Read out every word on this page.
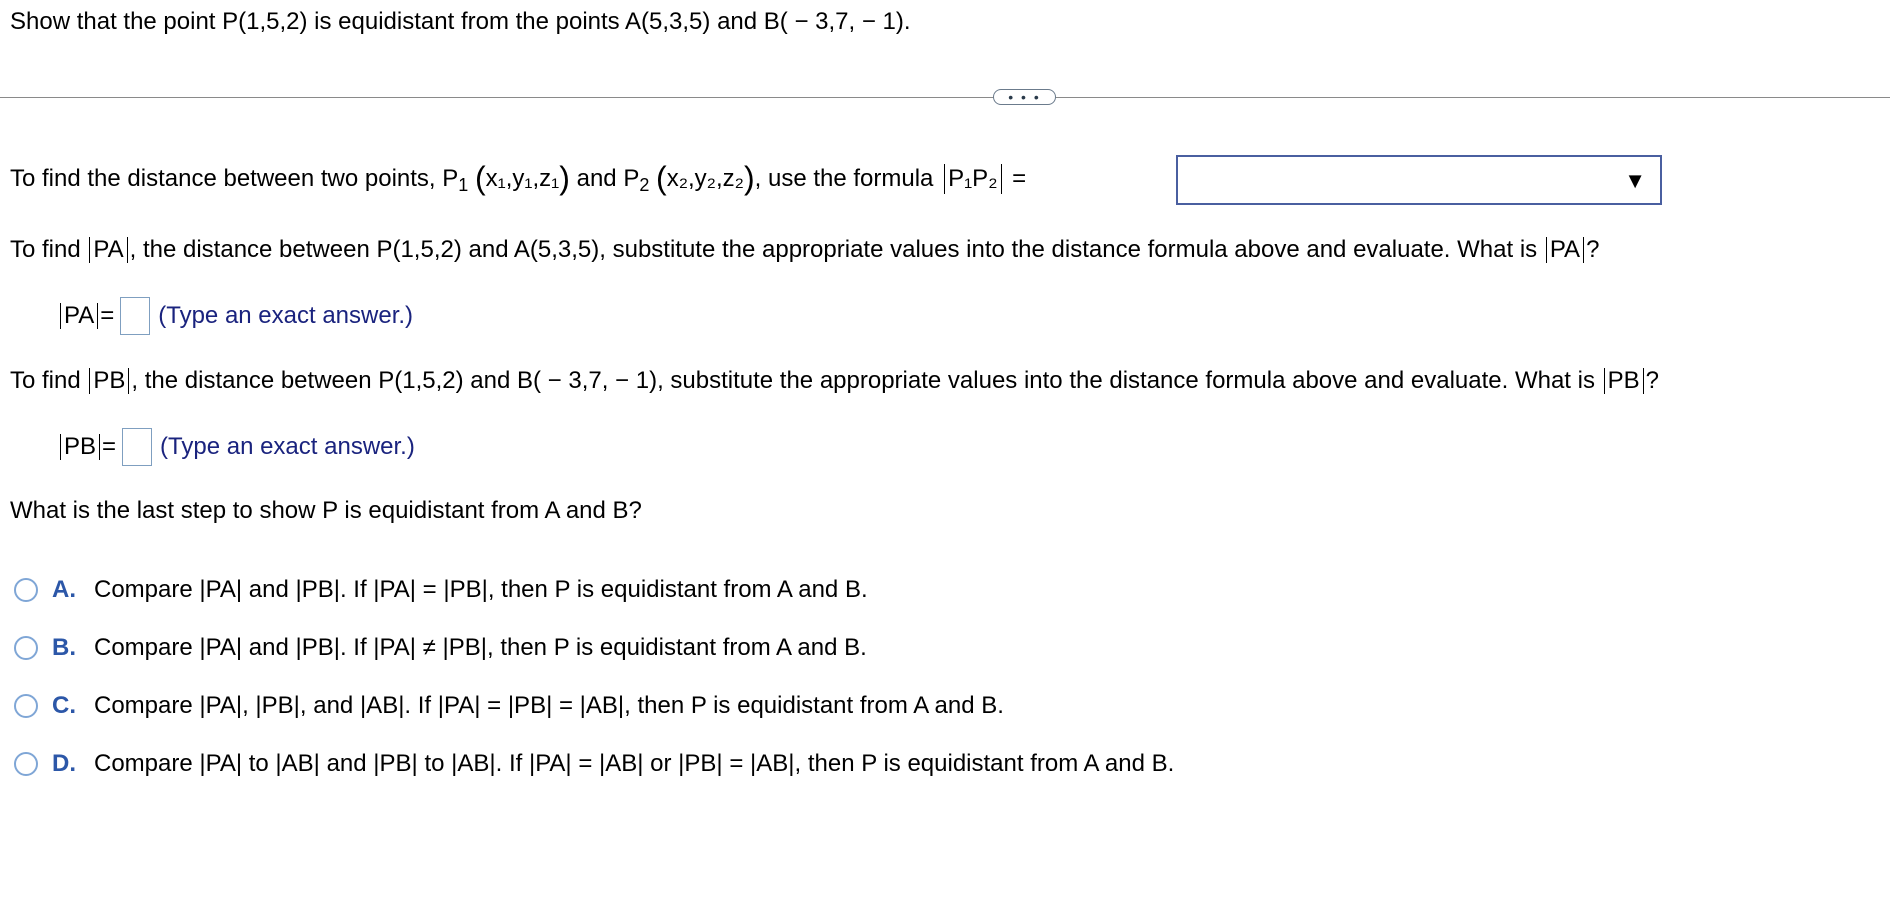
Show that the point P(1,5,2) is equidistant from the points A(5,3,5) and B( − 3,7, − 1).
• • •
To find the distance between two points, $P_1$ (x₁,y₁,z₁) and $P_2$ (x₂,y₂,z₂), use the formula P₁P₂ =	▼
To find PA , the distance between P(1,5,2) and A(5,3,5), substitute the appropriate values into the distance formula above and evaluate. What is PA ?
PA = (Type an exact answer.)
To find PB , the distance between P(1,5,2) and B( − 3,7, − 1), substitute the appropriate values into the distance formula above and evaluate. What is PB ?
PB = (Type an exact answer.)
What is the last step to show P is equidistant from A and B?
A. Compare |PA| and |PB|. If |PA| = |PB|, then P is equidistant from A and B.
B. Compare |PA| and |PB|. If |PA| ≠ |PB|, then P is equidistant from A and B.
C. Compare |PA|, |PB|, and |AB|. If |PA| = |PB| = |AB|, then P is equidistant from A and B.
D. Compare |PA| to |AB| and |PB| to |AB|. If |PA| = |AB| or |PB| = |AB|, then P is equidistant from A and B.
